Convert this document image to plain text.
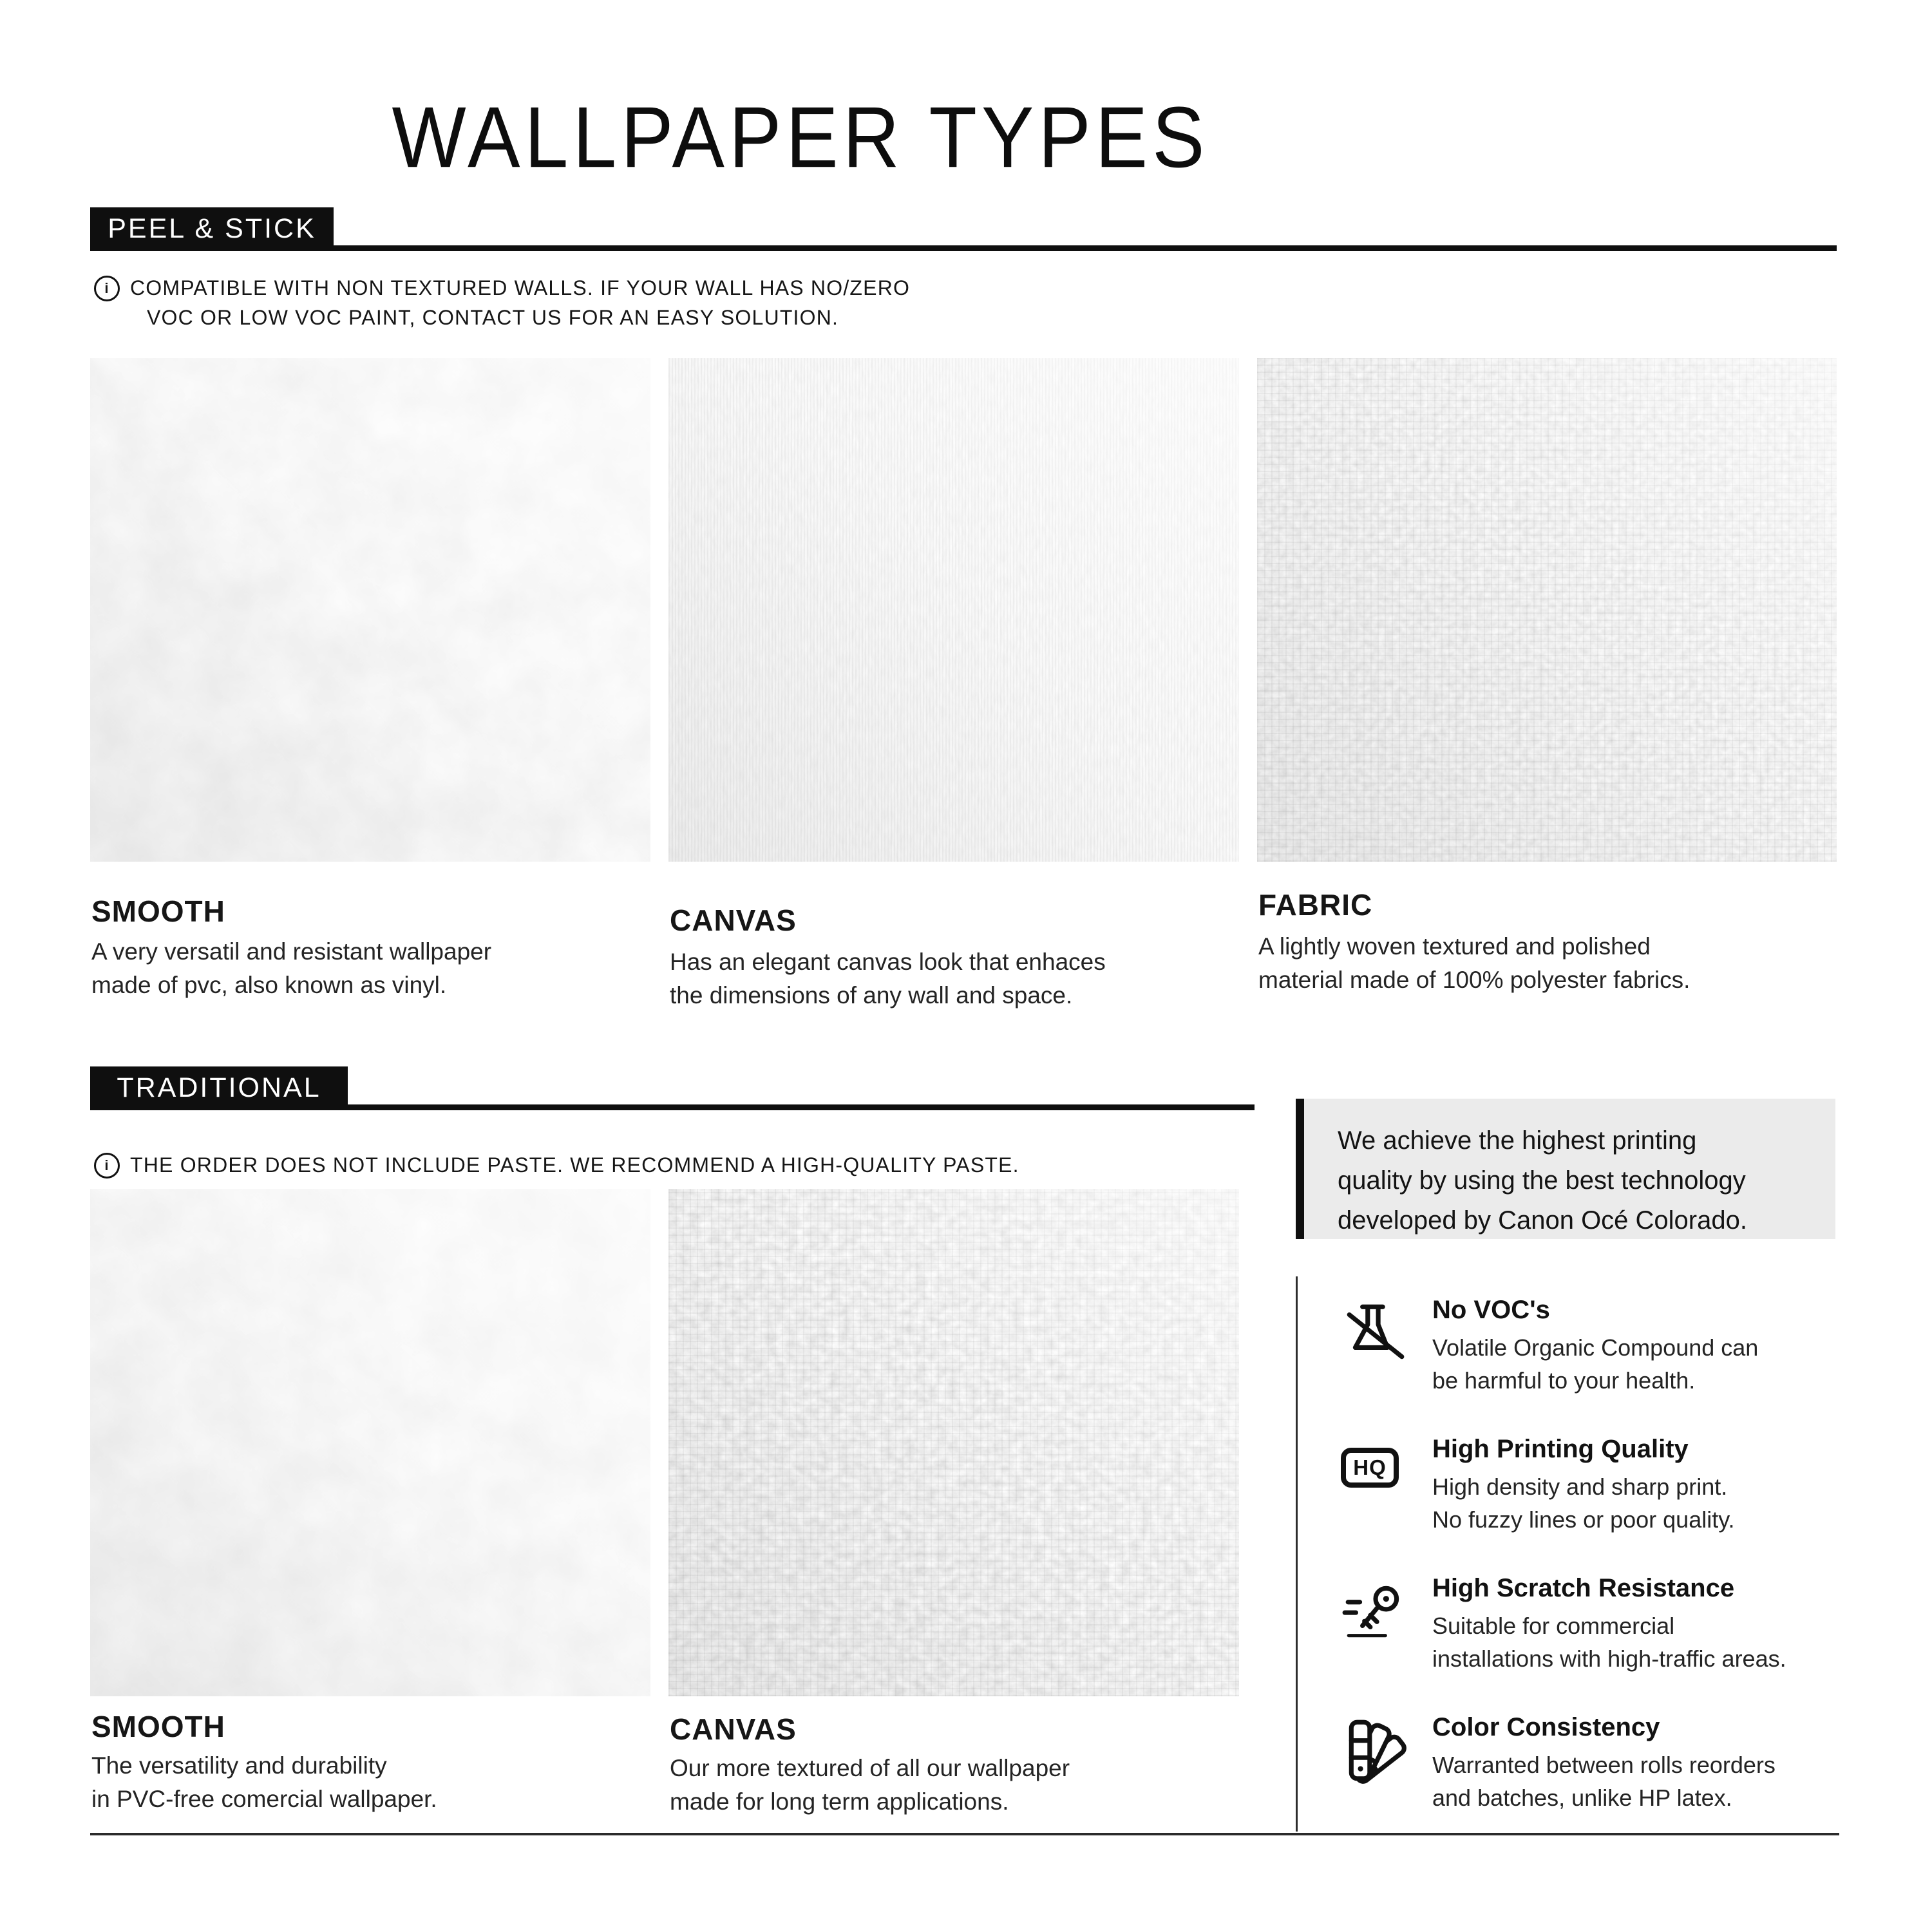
WALLPAPER TYPES
PEEL & STICK
i COMPATIBLE WITH NON TEXTURED WALLS. IF YOUR WALL HAS NO/ZERO
VOC OR LOW VOC PAINT, CONTACT US FOR AN EASY SOLUTION.
SMOOTH
A very versatil and resistant wallpaper
made of pvc, also known as vinyl.
CANVAS
Has an elegant canvas look that enhaces
the dimensions of any wall and space.
FABRIC
A lightly woven textured and polished
material made of 100% polyester fabrics.
TRADITIONAL
i THE ORDER DOES NOT INCLUDE PASTE. WE RECOMMEND A HIGH-QUALITY PASTE.
SMOOTH
The versatility and durability
in PVC-free comercial wallpaper.
CANVAS
Our more textured of all our wallpaper
made for long term applications.
We achieve the highest printing
quality by using the best technology
developed by Canon Océ Colorado.

No VOC's

Volatile Organic Compound can
be harmful to your health.
HQ

High Printing Quality

High density and sharp print.
No fuzzy lines or poor quality.

High Scratch Resistance

Suitable for commercial
installations with high-traffic areas.

Color Consistency

Warranted between rolls reorders
and batches, unlike HP latex.
